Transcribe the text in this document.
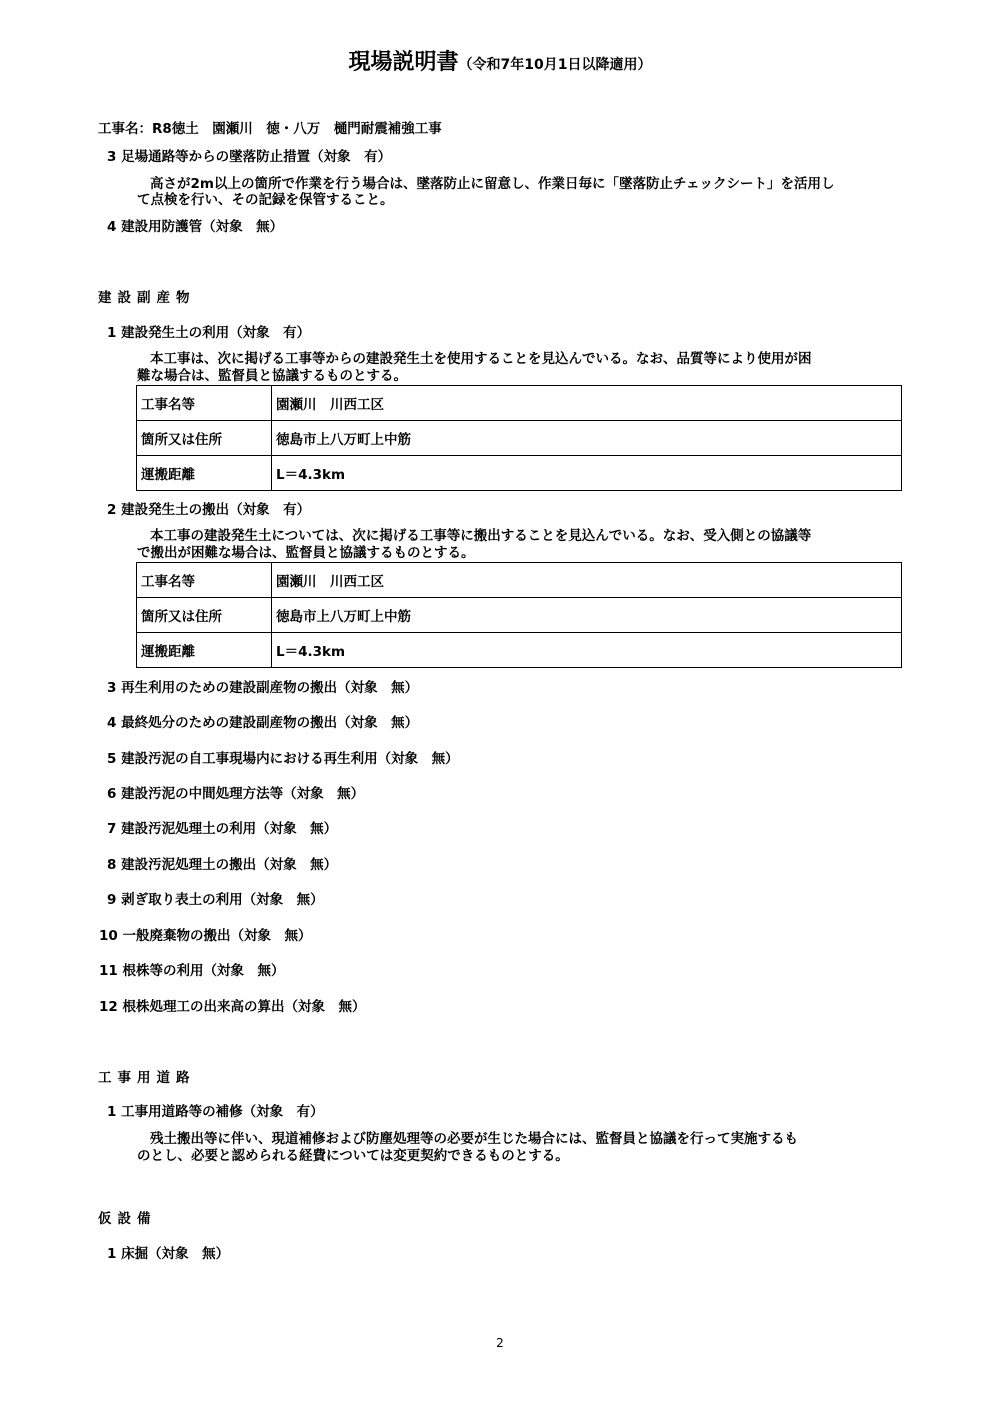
現場説明書（令和7年10月1日以降適用）
工事名：R8徳土　園瀬川　徳・八万　樋門耐震補強工事
3 足場通路等からの墜落防止措置（対象　有）
高さが2m以上の箇所で作業を行う場合は、墜落防止に留意し、作業日毎に「墜落防止チェックシート」を活用し
て点検を行い、その記録を保管すること。
4 建設用防護管（対象　無）
建設副産物
1 建設発生土の利用（対象　有）
本工事は、次に掲げる工事等からの建設発生土を使用することを見込んでいる。なお、品質等により使用が困
難な場合は、監督員と協議するものとする。
工事名等	園瀬川　川西工区
箇所又は住所	徳島市上八万町上中筋
運搬距離	L＝4.3km
2 建設発生土の搬出（対象　有）
本工事の建設発生土については、次に掲げる工事等に搬出することを見込んでいる。なお、受入側との協議等
で搬出が困難な場合は、監督員と協議するものとする。
工事名等	園瀬川　川西工区
箇所又は住所	徳島市上八万町上中筋
運搬距離	L＝4.3km
3 再生利用のための建設副産物の搬出（対象　無）
4 最終処分のための建設副産物の搬出（対象　無）
5 建設汚泥の自工事現場内における再生利用（対象　無）
6 建設汚泥の中間処理方法等（対象　無）
7 建設汚泥処理土の利用（対象　無）
8 建設汚泥処理土の搬出（対象　無）
9 剥ぎ取り表土の利用（対象　無）
10 一般廃棄物の搬出（対象　無）
11 根株等の利用（対象　無）
12 根株処理工の出来高の算出（対象　無）
工事用道路
1 工事用道路等の補修（対象　有）
残土搬出等に伴い、現道補修および防塵処理等の必要が生じた場合には、監督員と協議を行って実施するも
のとし、必要と認められる経費については変更契約できるものとする。
仮設備
1 床掘（対象　無）
2
